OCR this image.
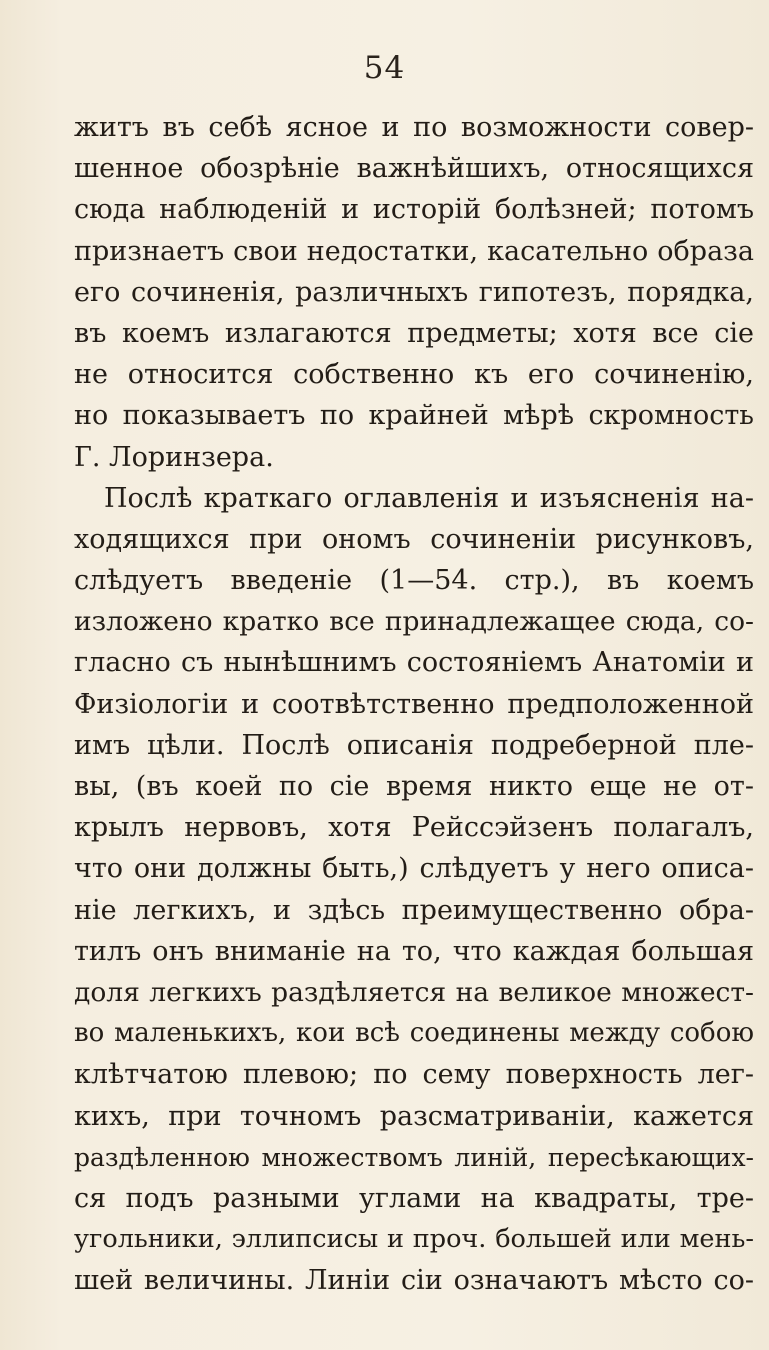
54
житъ въ себѣ ясное и по возможности совер-
шенное обозрѣніе важнѣйшихъ, относящихся
сюда наблюденій и исторій болѣзней; потомъ
признаетъ свои недостатки, касательно образа
его сочиненія, различныхъ гипотезъ, порядка,
въ коемъ излагаются предметы; хотя все сіе
не относится собственно къ его сочиненію,
но показываетъ по крайней мѣрѣ скромность
Г. Лоринзера.
Послѣ краткаго оглавленія и изъясненія на-
ходящихся при ономъ сочиненіи рисунковъ,
слѣдуетъ введеніе (1—54. стр.), въ коемъ
изложено кратко все принадлежащее сюда, со-
гласно съ нынѣшнимъ состояніемъ Анатоміи и
Физіологіи и соотвѣтственно предположенной
имъ цѣли. Послѣ описанія подреберной пле-
вы, (въ коей по сіе время никто еще не от-
крылъ нервовъ, хотя Рейссэйзенъ полагалъ,
что они должны быть,) слѣдуетъ у него описа-
ніе легкихъ, и здѣсь преимущественно обра-
тилъ онъ вниманіе на то, что каждая большая
доля легкихъ раздѣляется на великое множест-
во маленькихъ, кои всѣ соединены между собою
клѣтчатою плевою; по сему поверхность лег-
кихъ, при точномъ разсматриваніи, кажется
раздѣленною множествомъ линій, пересѣкающих-
ся подъ разными углами на квадраты, тре-
угольники, эллипсисы и проч. большей или мень-
шей величины. Линіи сіи означаютъ мѣсто со-
